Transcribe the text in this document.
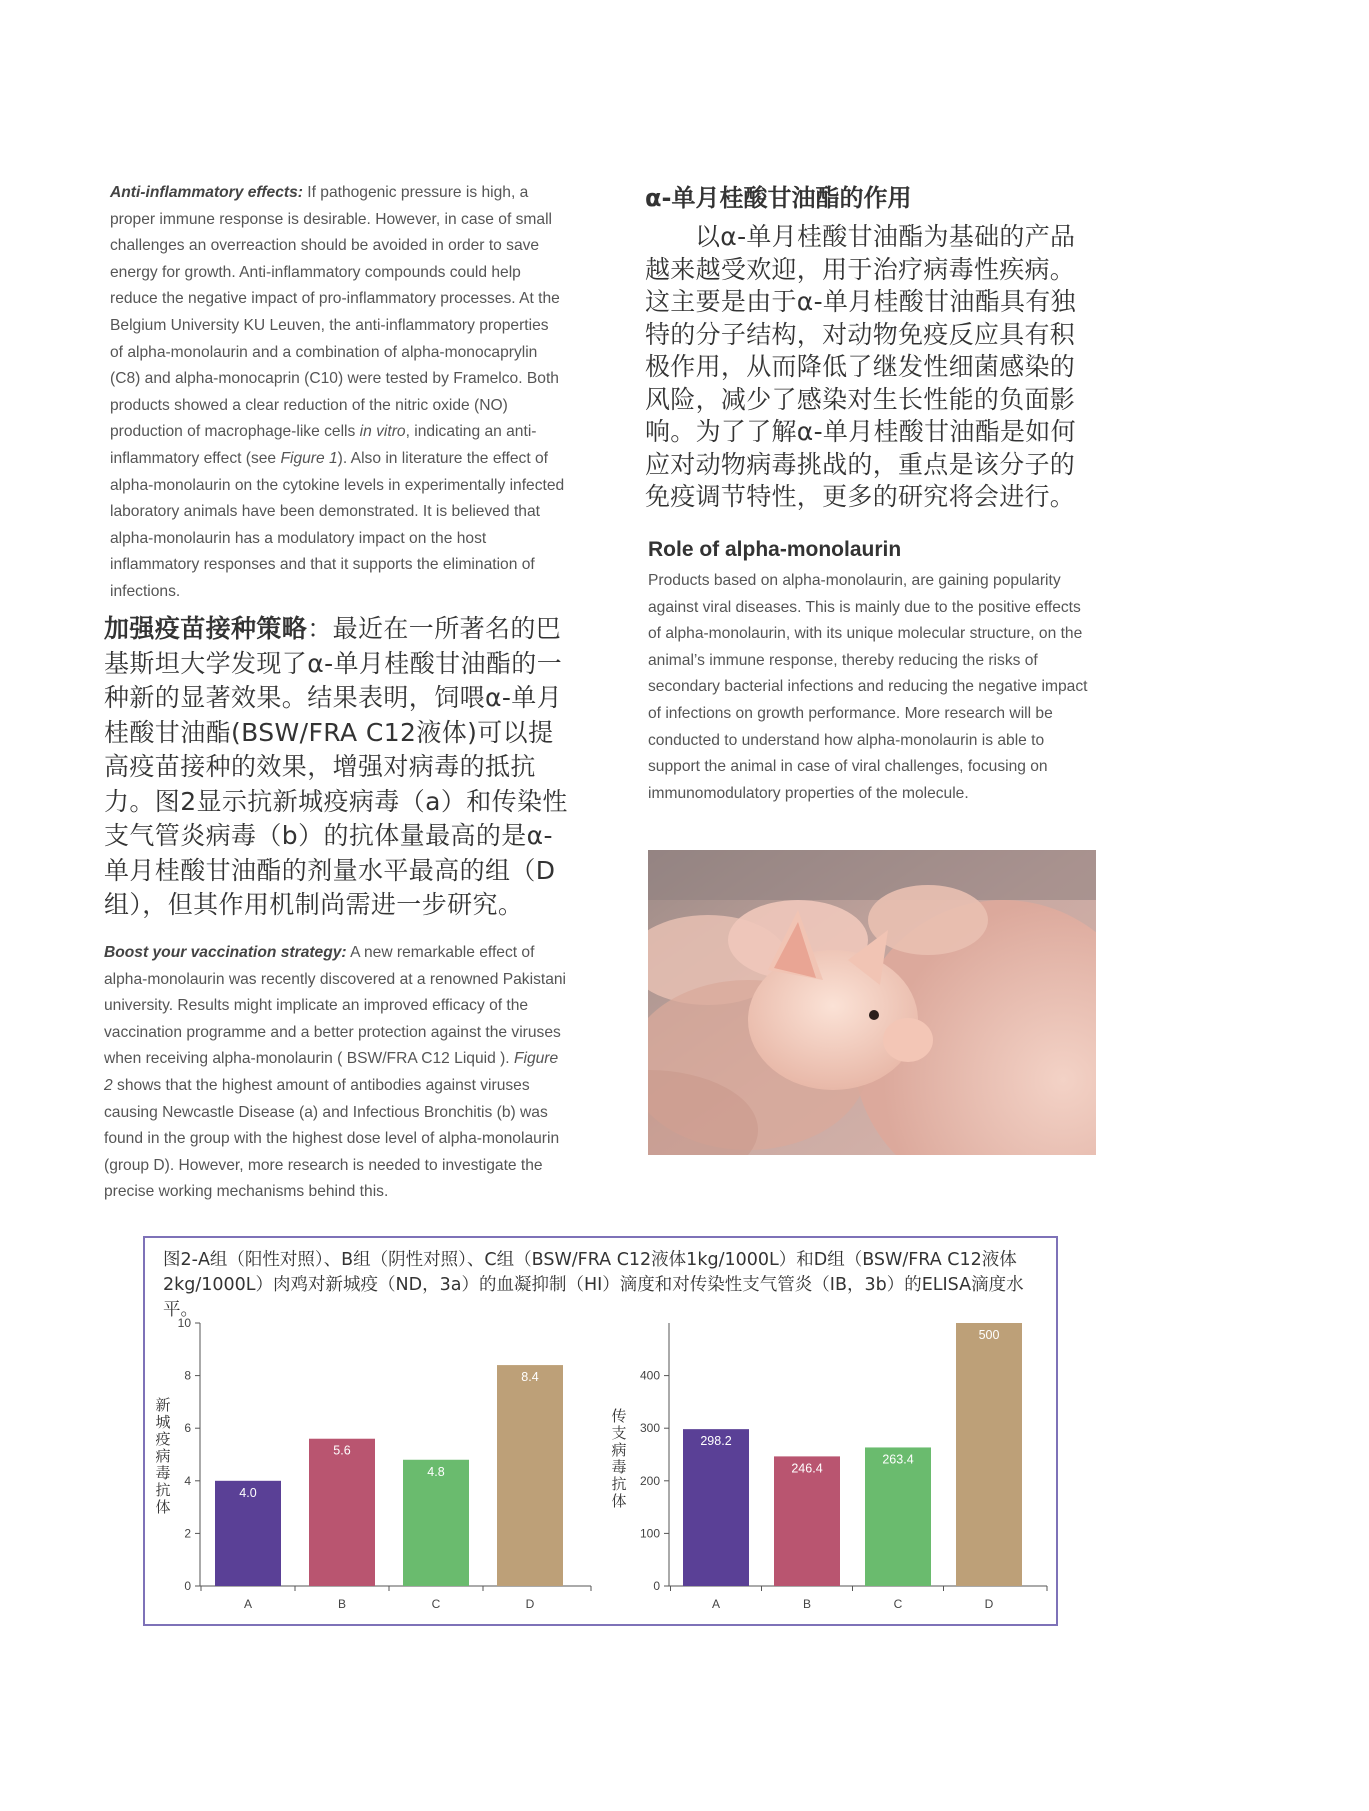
Anti-inflammatory effects: If pathogenic pressure is high, a proper immune response is desirable. However, in case of small challenges an overreaction should be avoided in order to save energy for growth. Anti-inflammatory compounds could help reduce the negative impact of pro-inflammatory processes. At the Belgium University KU Leuven, the anti-inflammatory properties of alpha-monolaurin and a combination of alpha-monocaprylin (C8) and alpha-monocaprin (C10) were tested by Framelco. Both products showed a clear reduction of the nitric oxide (NO) production of macrophage-like cells in vitro, indicating an anti-inflammatory effect (see Figure 1). Also in literature the effect of alpha-monolaurin on the cytokine levels in experimentally infected laboratory animals have been demonstrated. It is believed that alpha-monolaurin has a modulatory impact on the host inflammatory responses and that it supports the elimination of infections.

加强疫苗接种策略：最近在一所著名的巴基斯坦大学发现了α-单月桂酸甘油酯的一种新的显著效果。结果表明，饲喂α-单月桂酸甘油酯(BSW/FRA C12液体)可以提高疫苗接种的效果，增强对病毒的抵抗力。图2显示抗新城疫病毒（a）和传染性支气管炎病毒（b）的抗体量最高的是α-单月桂酸甘油酯的剂量水平最高的组（D组），但其作用机制尚需进一步研究。

Boost your vaccination strategy: A new remarkable effect of alpha-monolaurin was recently discovered at a renowned Pakistani university. Results might implicate an improved efficacy of the vaccination programme and a better protection against the viruses when receiving alpha-monolaurin ( BSW/FRA C12 Liquid ). Figure 2 shows that the highest amount of antibodies against viruses causing Newcastle Disease (a) and Infectious Bronchitis (b) was found in the group with the highest dose level of alpha-monolaurin (group D). However, more research is needed to investigate the precise working mechanisms behind this.

α-单月桂酸甘油酯的作用

以α-单月桂酸甘油酯为基础的产品越来越受欢迎，用于治疗病毒性疾病。这主要是由于α-单月桂酸甘油酯具有独特的分子结构，对动物免疫反应具有积极作用，从而降低了继发性细菌感染的风险，减少了感染对生长性能的负面影响。为了了解α-单月桂酸甘油酯是如何应对动物病毒挑战的，重点是该分子的免疫调节特性，更多的研究将会进行。

Role of alpha-monolaurin

Products based on alpha-monolaurin, are gaining popularity against viral diseases. This is mainly due to the positive effects of alpha-monolaurin, with its unique molecular structure, on the animal’s immune response, thereby reducing the risks of secondary bacterial infections and reducing the negative impact of infections on growth performance. More research will be conducted to understand how alpha-monolaurin is able to support the animal in case of viral challenges, focusing on immunomodulatory properties of the molecule.

图2-A组（阳性对照）、B组（阴性对照）、C组（BSW/FRA C12液体1kg/1000L）和D组（BSW/FRA C12液体2kg/1000L）肉鸡对新城疫（ND，3a）的血凝抑制（HI）滴度和对传染性支气管炎（IB，3b）的ELISA滴度水平。

0
2
4
6
8
10
4.0
A
5.6
B
4.8
C
8.4
D
新
城
疫
病
毒
抗
体
0
100
200
300
400
298.2
A
246.4
B
263.4
C
500
D
传
支
病
毒
抗
体
